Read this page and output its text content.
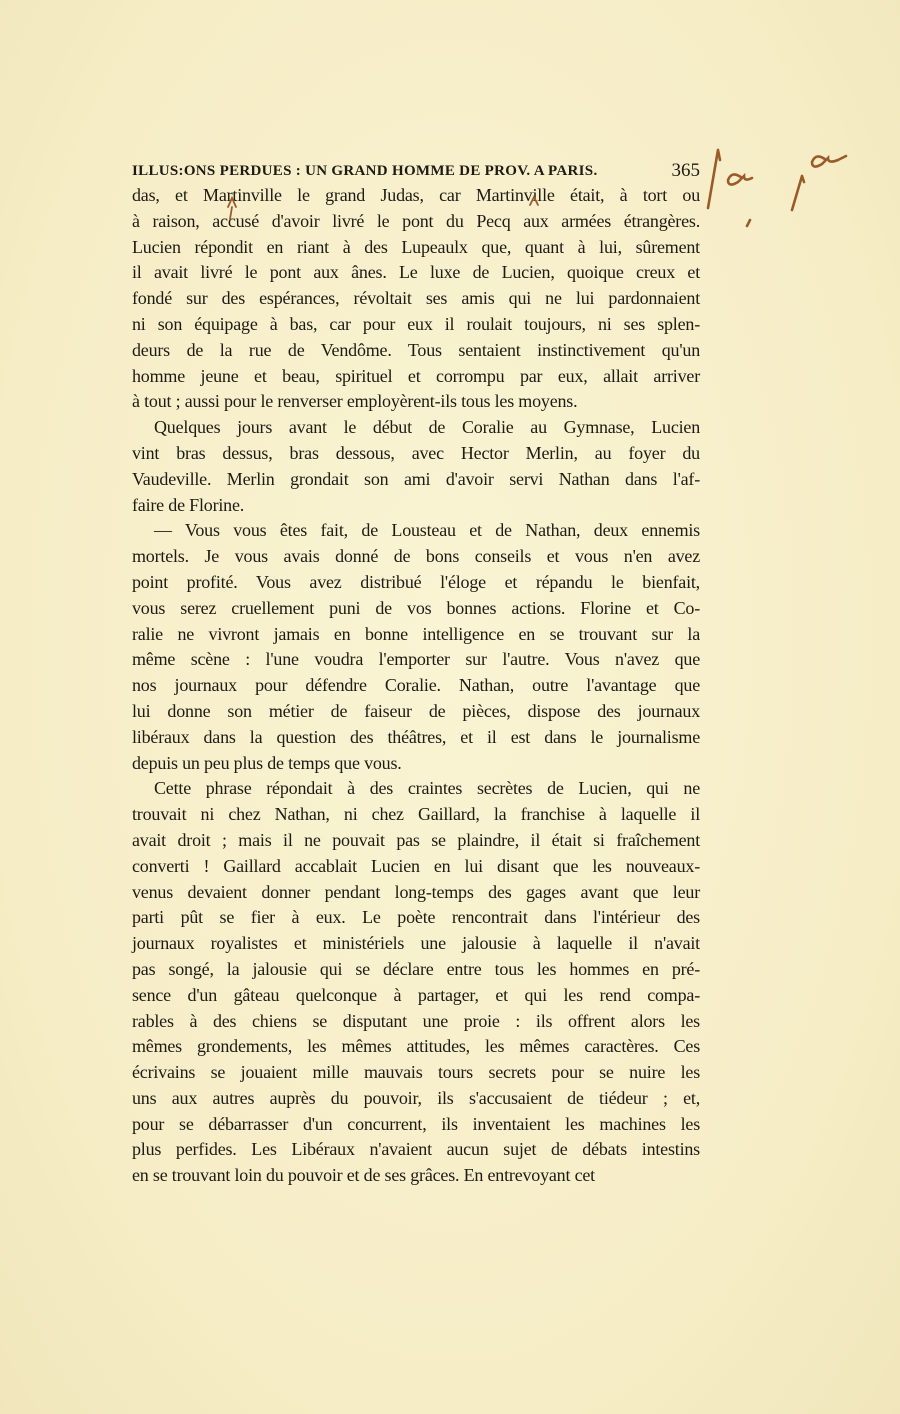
ILLUS:ONS PERDUES : UN GRAND HOMME DE PROV. A PARIS.	365
das, et Martinville le grand Judas, car Martinville était, à tort ou
à raison, accusé d'avoir livré le pont du Pecq aux armées étrangères.
Lucien répondit en riant à des Lupeaulx que, quant à lui, sûrement
il avait livré le pont aux ânes. Le luxe de Lucien, quoique creux et
fondé sur des espérances, révoltait ses amis qui ne lui pardonnaient
ni son équipage à bas, car pour eux il roulait toujours, ni ses splen-
deurs de la rue de Vendôme. Tous sentaient instinctivement qu'un
homme jeune et beau, spirituel et corrompu par eux, allait arriver
à tout ; aussi pour le renverser employèrent-ils tous les moyens.
Quelques jours avant le début de Coralie au Gymnase, Lucien
vint bras dessus, bras dessous, avec Hector Merlin, au foyer du
Vaudeville. Merlin grondait son ami d'avoir servi Nathan dans l'af-
faire de Florine.
— Vous vous êtes fait, de Lousteau et de Nathan, deux ennemis
mortels. Je vous avais donné de bons conseils et vous n'en avez
point profité. Vous avez distribué l'éloge et répandu le bienfait,
vous serez cruellement puni de vos bonnes actions. Florine et Co-
ralie ne vivront jamais en bonne intelligence en se trouvant sur la
même scène : l'une voudra l'emporter sur l'autre. Vous n'avez que
nos journaux pour défendre Coralie. Nathan, outre l'avantage que
lui donne son métier de faiseur de pièces, dispose des journaux
libéraux dans la question des théâtres, et il est dans le journalisme
depuis un peu plus de temps que vous.
Cette phrase répondait à des craintes secrètes de Lucien, qui ne
trouvait ni chez Nathan, ni chez Gaillard, la franchise à laquelle il
avait droit ; mais il ne pouvait pas se plaindre, il était si fraîchement
converti ! Gaillard accablait Lucien en lui disant que les nouveaux-
venus devaient donner pendant long-temps des gages avant que leur
parti pût se fier à eux. Le poète rencontrait dans l'intérieur des
journaux royalistes et ministériels une jalousie à laquelle il n'avait
pas songé, la jalousie qui se déclare entre tous les hommes en pré-
sence d'un gâteau quelconque à partager, et qui les rend compa-
rables à des chiens se disputant une proie : ils offrent alors les
mêmes grondements, les mêmes attitudes, les mêmes caractères. Ces
écrivains se jouaient mille mauvais tours secrets pour se nuire les
uns aux autres auprès du pouvoir, ils s'accusaient de tiédeur ; et,
pour se débarrasser d'un concurrent, ils inventaient les machines les
plus perfides. Les Libéraux n'avaient aucun sujet de débats intestins
en se trouvant loin du pouvoir et de ses grâces. En entrevoyant cet
